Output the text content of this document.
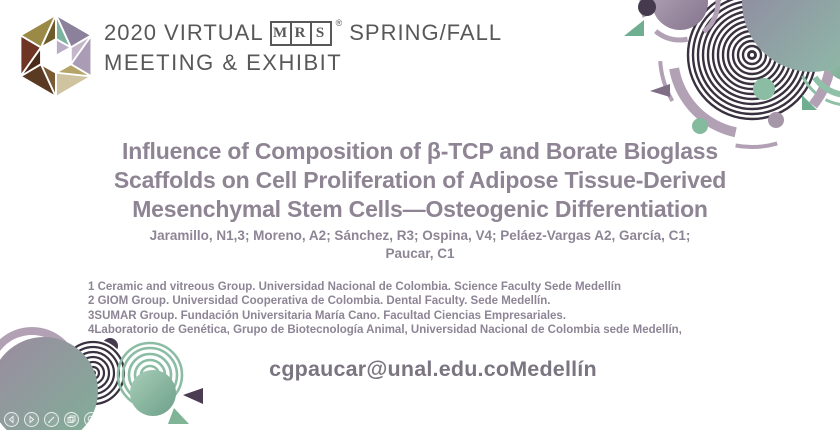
2020 VIRTUAL M R S
® SPRING/FALL
MEETING & EXHIBIT
Influence of Composition of β-TCP and Borate Bioglass
Scaffolds on Cell Proliferation of Adipose Tissue-Derived
Mesenchymal Stem Cells—Osteogenic Differentiation

Jaramillo, N1,3; Moreno, A2; Sánchez, R3; Ospina, V4; Peláez-Vargas A2, García, C1;
Paucar, C1

1 Ceramic and vitreous Group. Universidad Nacional de Colombia. Science Faculty Sede Medellín
2 GIOM Group. Universidad Cooperativa de Colombia. Dental Faculty. Sede Medellín.
3SUMAR Group. Fundación Universitaria María Cano. Facultad Ciencias Empresariales.
4Laboratorio de Genética, Grupo de Biotecnología Animal, Universidad Nacional de Colombia sede Medellín,
cgpaucar@unal.edu.coMedellín
